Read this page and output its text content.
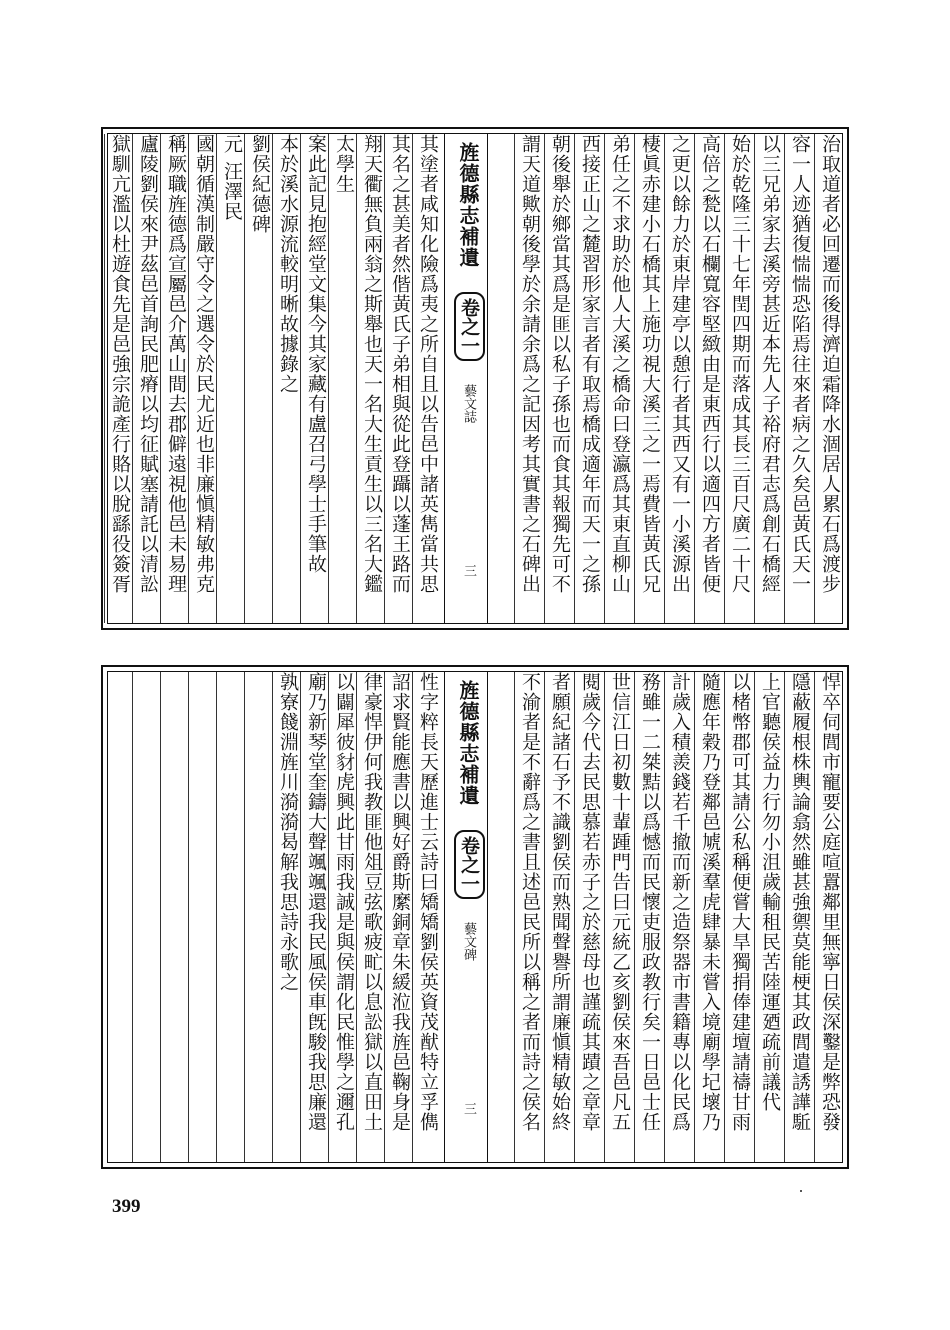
旌德縣志補遺
卷之一
藝文誌
三	治取道者必回遷而後得濟迫霜降水涸居人累石爲渡步
容一人迹猶復惴惴恐陷焉往來者病之久矣邑黃氏天一
以三兄弟家去溪旁甚近本先人子裕府君志爲創石橋經
始於乾隆三十七年閏四期而落成其長三百尺廣二十尺
高倍之甃以石欄寬容堅緻由是東西行以適四方者皆便
之更以餘力於東岸建亭以憩行者其西又有一小溪源出
棲眞赤建小石橋其上施功視大溪三之一焉費皆黃氏兄
弟任之不求助於他人大溪之橋命曰登瀛爲其東直柳山
西接正山之麓習形家言者有取焉橋成適年而天一之孫
朝後舉於鄉當其爲是匪以私子孫也而食其報獨先可不
謂天道歟朝後學於余請余爲之記因考其實書之石碑出
其塗者咸知化險爲夷之所自且以告邑中諸英雋當共思
其名之甚美者然偕黃氏子弟相與從此登躡以蓬王路而
翔天衢無負兩翁之斯舉也天一名大生貢生以三名大鑑
太學生
案此記見抱經堂文集今其家藏有盧召弓學士手筆故
本於溪水源流較明晰故據錄之
劉侯紀德碑
元 汪澤民
國朝循漢制嚴守令之選令於民尤近也非廉愼精敏弗克
稱厥職旌德爲宣屬邑介萬山間去郡僻遠視他邑未易理
廬陵劉侯來尹茲邑首詢民肥瘠以均征賦塞請託以清訟
獄馴亢濫以杜遊食先是邑強宗詭產行賂以脫繇役簽胥
旌德縣志補遺
卷之一
藝文碑
三	悍卒伺閭市寵要公庭喧囂鄰里無寧日侯深鑿是弊恐發
隱蔽履根株輿論翕然雖甚強禦莫能梗其政閭遣誘譁駈
上官聽侯益力行勿小沮歲輸租民苦陸運廼疏前議代
以楮幣郡可其請公私稱便嘗大旱獨捐俸建壇請禱甘雨
隨應年穀乃登鄰邑虓溪羣虎肆暴未嘗入境廟學圮壞乃
計歲入積羨錢若千撤而新之造祭器市書籍專以化民爲
務雖一二桀黠以爲憾而民懷吏服政教行矣一日邑士任
世信江日初數十輩踵門告曰元統乙亥劉侯來吾邑凡五
閱歲今代去民思慕若赤子之於慈母也謹疏其蹟之章章
者願紀諸石予不識劉侯而熟聞聲譽所謂廉愼精敏始終
不渝者是不辭爲之書且述邑民所以稱之者而詩之侯名
性字粹長天歷進士云詩曰矯矯劉侯英資茂猷特立孚儁
詔求賢能應書以興好爵斯縻銅章朱緩涖我旌邑鞠身是
律豪悍伊何我教匪他俎豆弦歌疲甿以息訟獄以直田土
以闢犀彼豺虎興此甘雨我誠是與侯謂化民惟學之邇孔
廟乃新琴堂奎鑄大聲颯颯還我民風侯車旣駿我思廉還
孰寮餞淵旌川漪漪曷解我思詩永歌之
399
